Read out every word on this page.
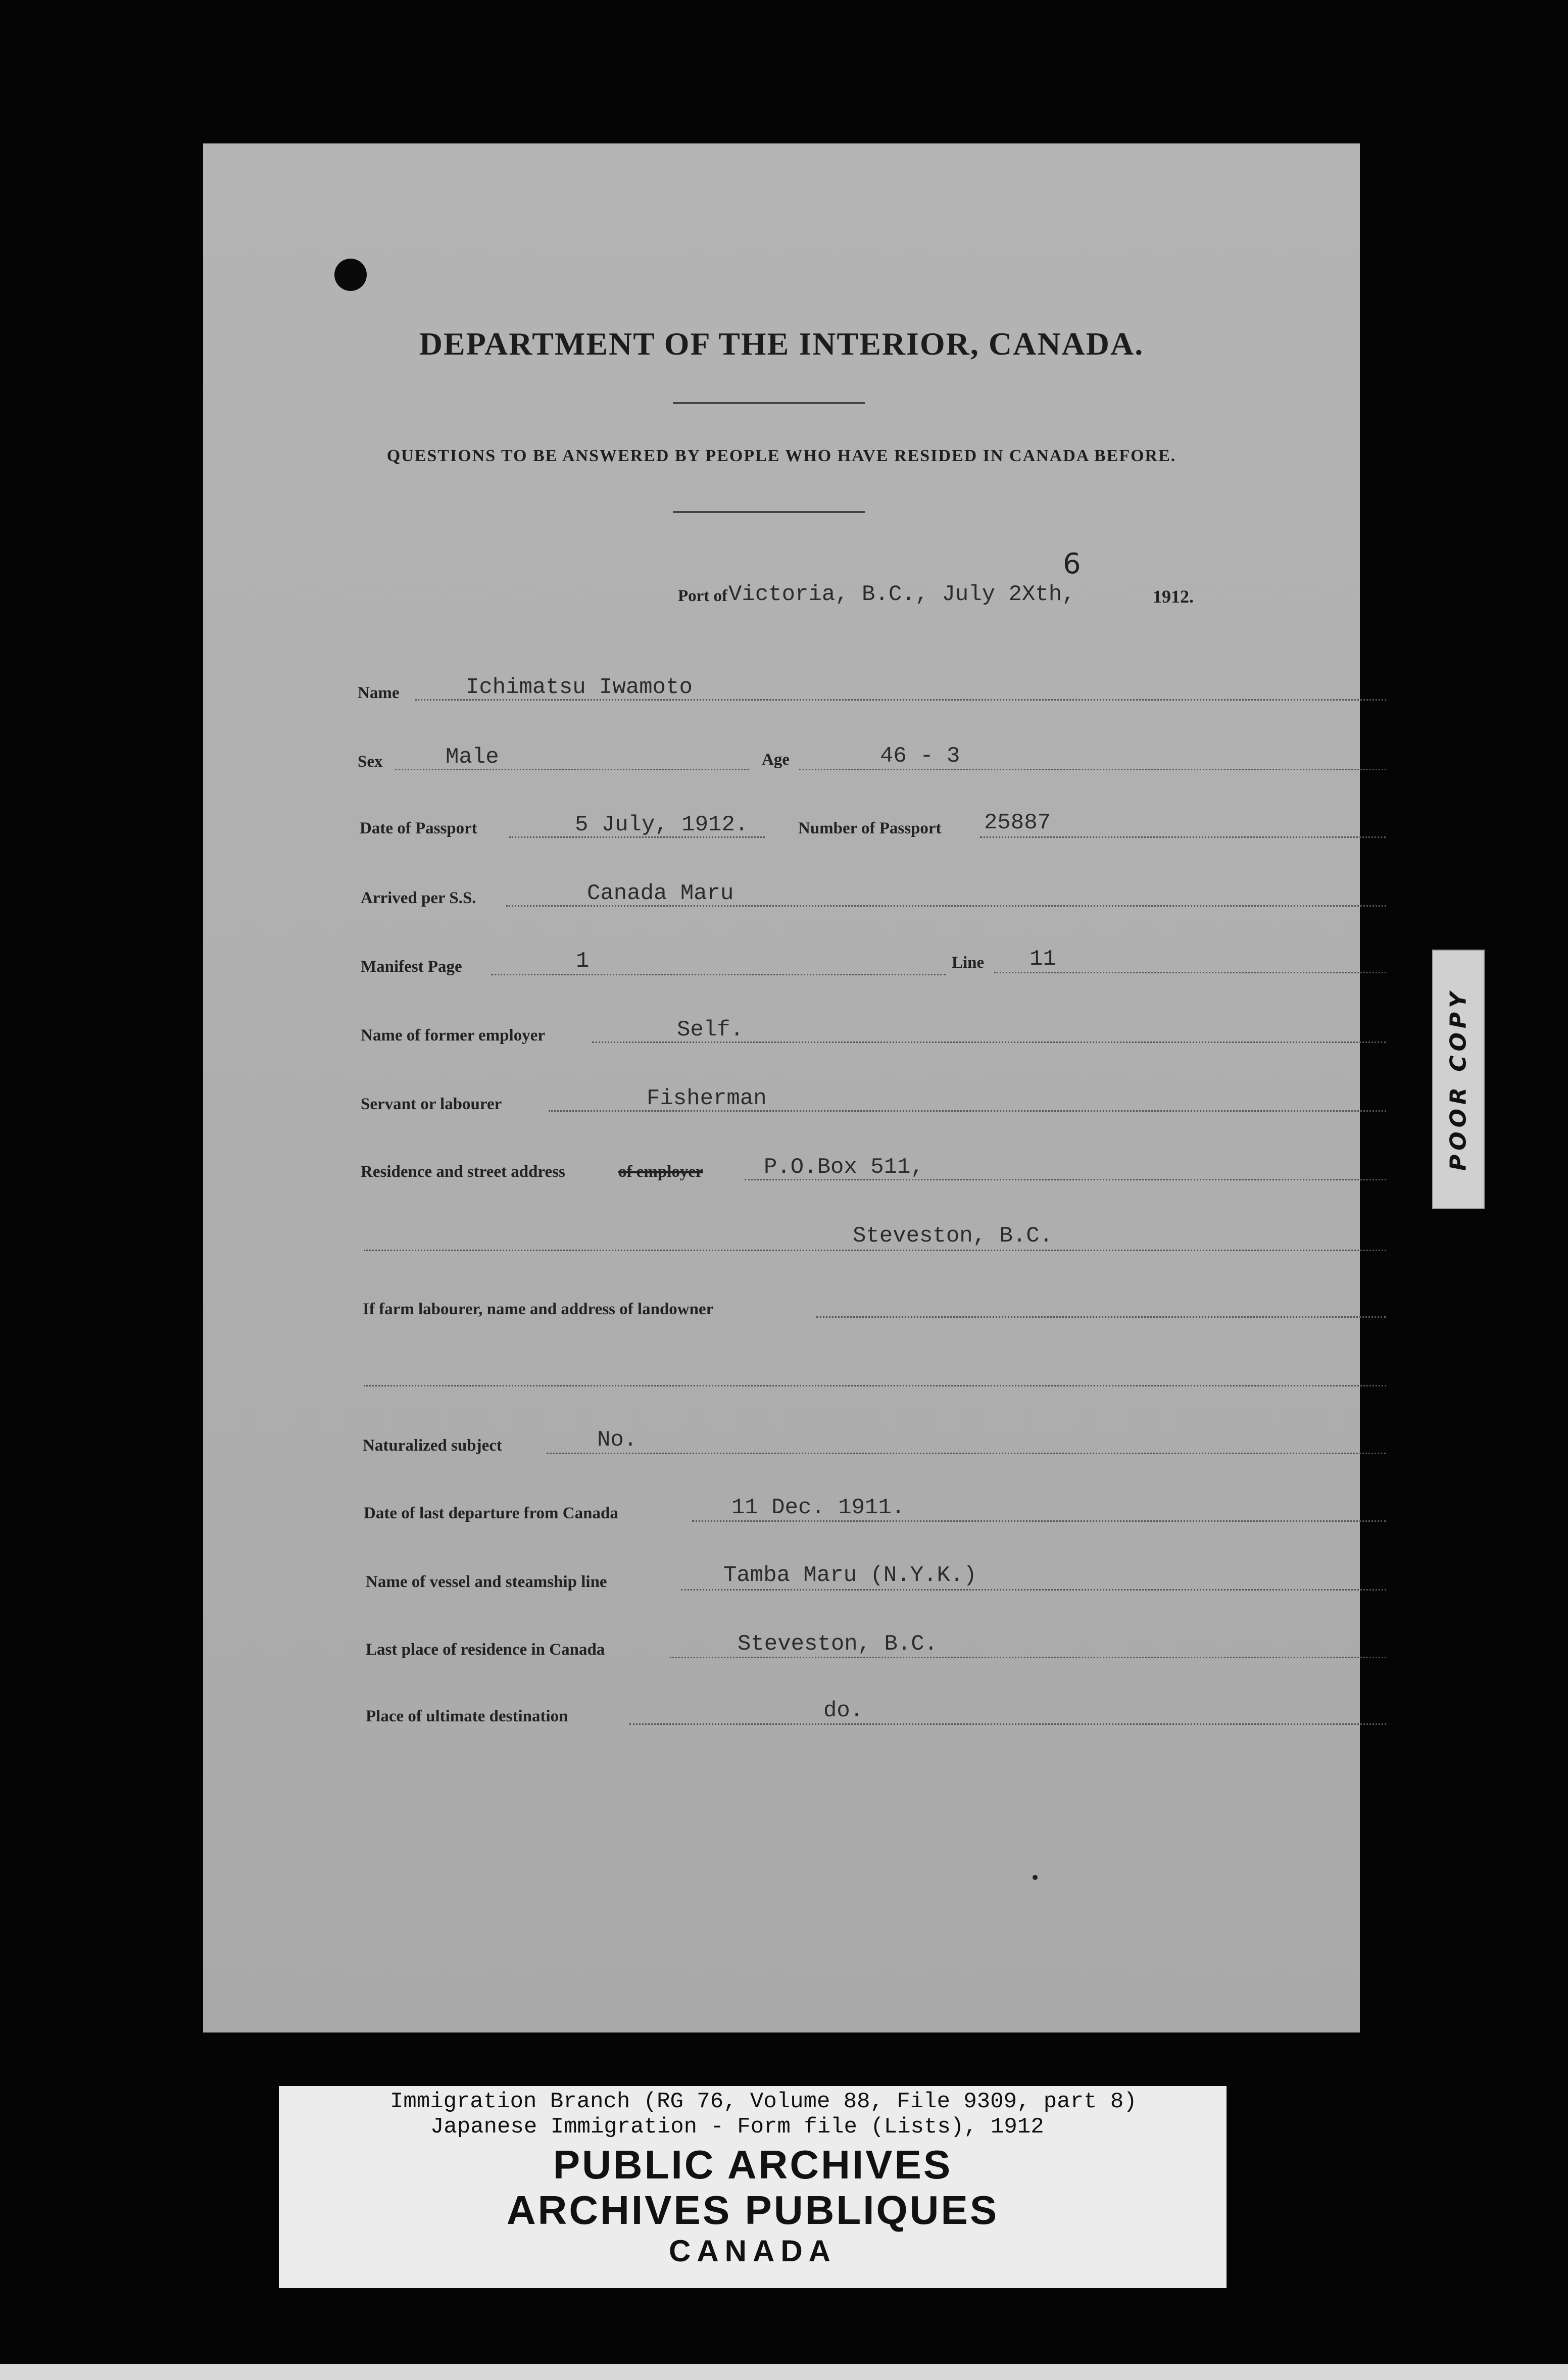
DEPARTMENT OF THE INTERIOR, CANADA.
QUESTIONS TO BE ANSWERED BY PEOPLE WHO HAVE RESIDED IN CANADA BEFORE.
6
Port of Victoria, B.C., July 2Xth,	1912.
Name	Ichimatsu Iwamoto
Sex	Male	Age	46 - 3
Date of Passport	5 July, 1912.	Number of Passport 25887
Arrived per S.S.	Canada Maru
Manifest Page	1	Line 11
Name of former employer	Self.
Servant or labourer	Fisherman
Residence and street address	of employer	P.O.Box 511,
Steveston, B.C.
If farm labourer, name and address of landowner
Naturalized subject	No.
Date of last departure from Canada	11 Dec. 1911.
Name of vessel and steamship line	Tamba Maru (N.Y.K.)
Last place of residence in Canada	Steveston, B.C.
Place of ultimate destination	do.
POOR COPY
Immigration Branch (RG 76, Volume 88, File 9309, part 8)
Japanese Immigration - Form file (Lists), 1912
PUBLIC ARCHIVES
ARCHIVES PUBLIQUES
CANADA
